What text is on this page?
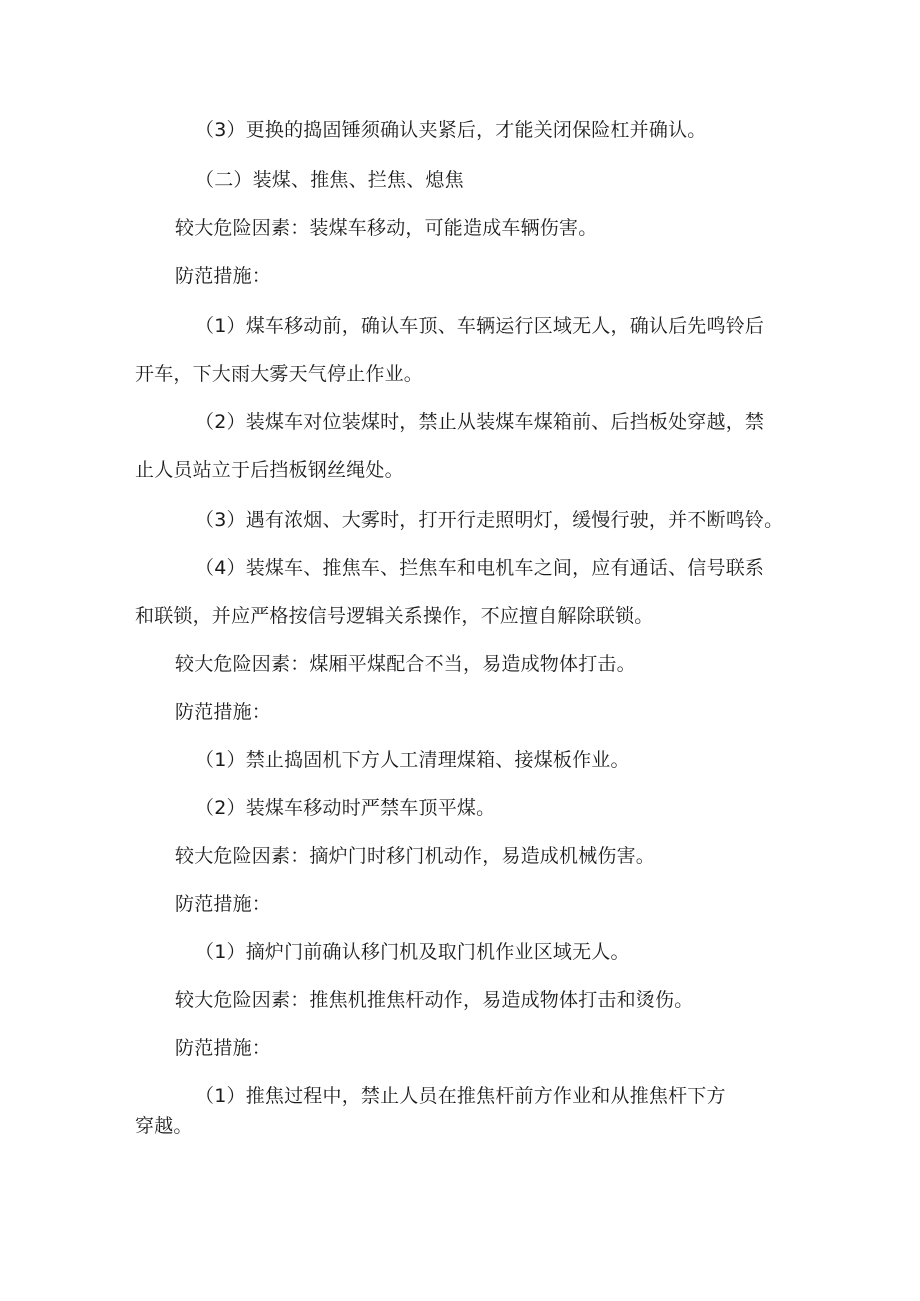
（3）更换的捣固锤须确认夹紧后，才能关闭保险杠并确认。
（二）装煤、推焦、拦焦、熄焦
较大危险因素：装煤车移动，可能造成车辆伤害。
防范措施：
（1）煤车移动前，确认车顶、车辆运行区域无人，确认后先鸣铃后
开车，下大雨大雾天气停止作业。
（2）装煤车对位装煤时，禁止从装煤车煤箱前、后挡板处穿越，禁
止人员站立于后挡板钢丝绳处。
（3）遇有浓烟、大雾时，打开行走照明灯，缓慢行驶，并不断鸣铃。
（4）装煤车、推焦车、拦焦车和电机车之间，应有通话、信号联系
和联锁，并应严格按信号逻辑关系操作，不应擅自解除联锁。
较大危险因素：煤厢平煤配合不当，易造成物体打击。
防范措施：
（1）禁止捣固机下方人工清理煤箱、接煤板作业。
（2）装煤车移动时严禁车顶平煤。
较大危险因素：摘炉门时移门机动作，易造成机械伤害。
防范措施：
（1）摘炉门前确认移门机及取门机作业区域无人。
较大危险因素：推焦机推焦杆动作，易造成物体打击和烫伤。
防范措施：
（1）推焦过程中，禁止人员在推焦杆前方作业和从推焦杆下方
穿越。
